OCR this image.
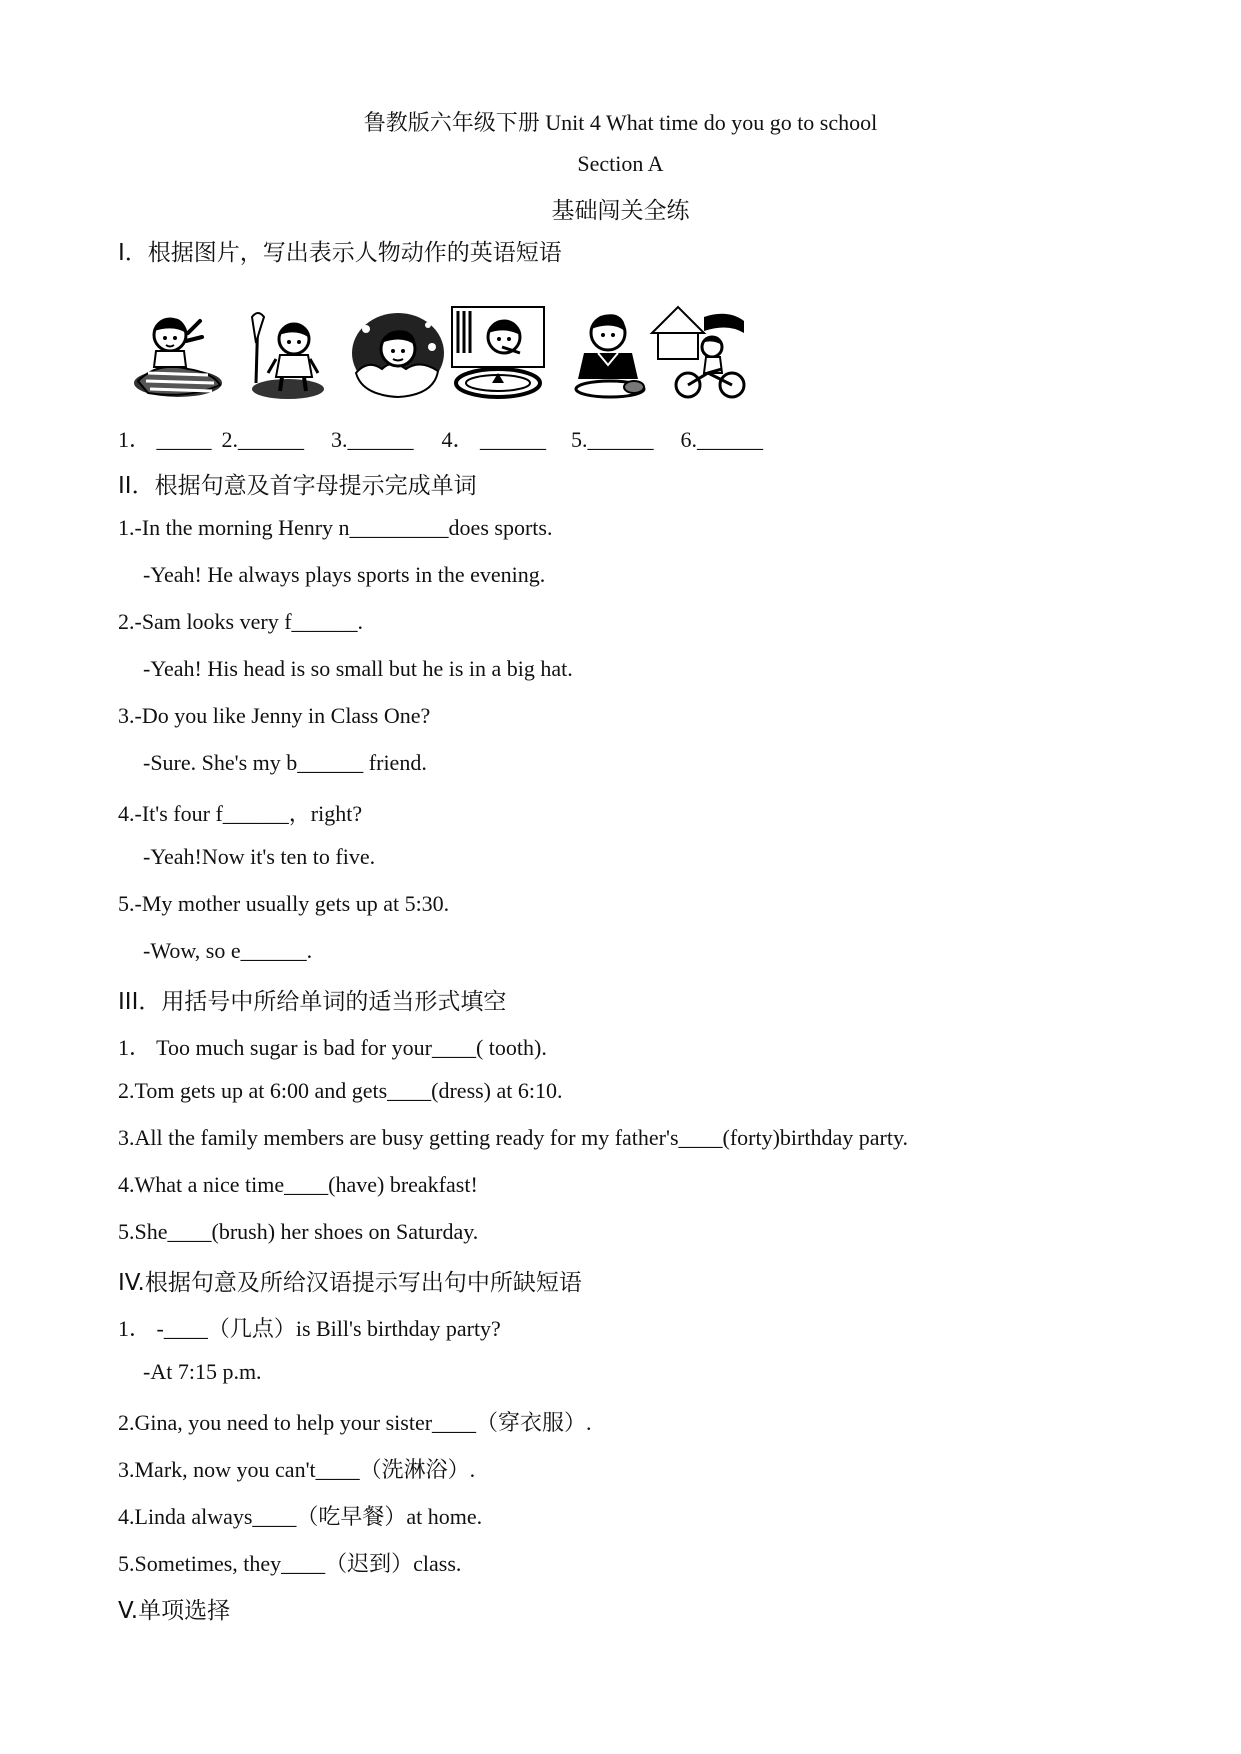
鲁教版六年级下册 Unit 4 What time do you go to school
Section A
基础闯关全练
I．根据图片，写出表示人物动作的英语短语
1． _____ 2.______ 3.______ 4． ______ 5.______ 6.______
II．根据句意及首字母提示完成单词
1.-In the morning Henry n_________does sports.
-Yeah! He always plays sports in the evening.
2.-Sam looks very f______.
-Yeah! His head is so small but he is in a big hat.
3.-Do you like Jenny in Class One?
-Sure. She's my b______ friend.
4.-It's four f______，right?
-Yeah!Now it's ten to five.
5.-My mother usually gets up at 5:30.
-Wow, so e______.
III．用括号中所给单词的适当形式填空
1． Too much sugar is bad for your____( tooth).
2.Tom gets up at 6:00 and gets____(dress) at 6:10.
3.All the family members are busy getting ready for my father's____(forty)birthday party.
4.What a nice time____(have) breakfast!
5.She____(brush) her shoes on Saturday.
IV.根据句意及所给汉语提示写出句中所缺短语
1． -____（几点）is Bill's birthday party?
-At 7:15 p.m.
2.Gina, you need to help your sister____（穿衣服）.
3.Mark, now you can't____（洗淋浴）.
4.Linda always____（吃早餐）at home.
5.Sometimes, they____（迟到）class.
V.单项选择
